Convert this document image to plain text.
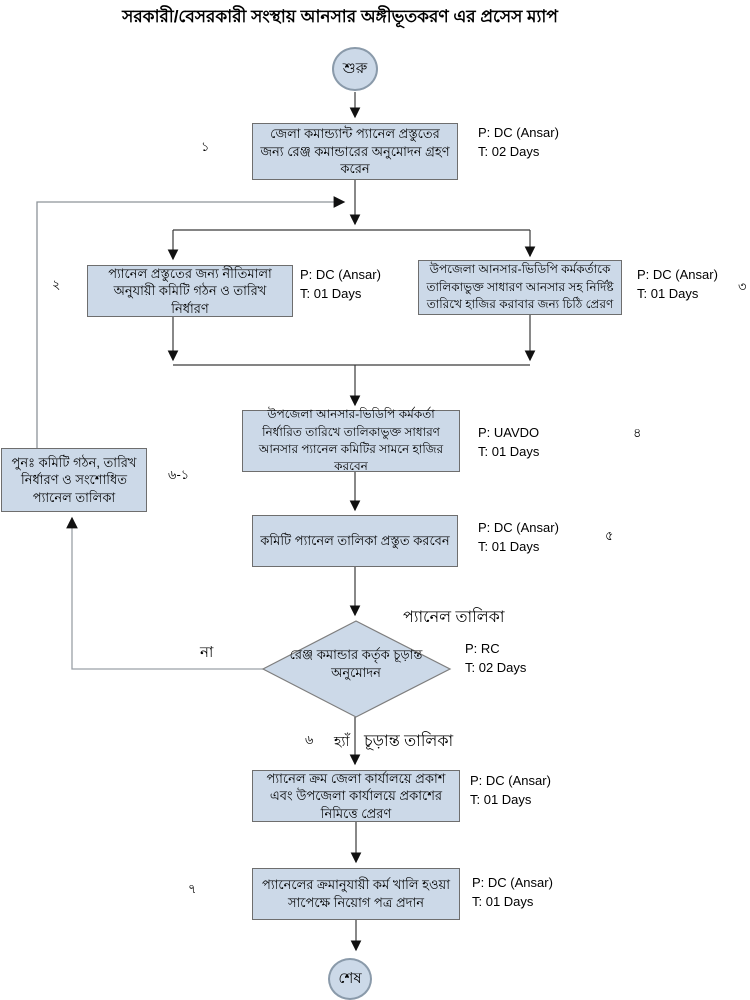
সরকারী/বেসরকারী সংস্থায় আনসার অঙ্গীভূতকরণ এর প্রসেস ম্যাপ
শুরু
জেলা কমান্ড্যান্ট প্যানেল প্রস্তুতের জন্য রেঞ্জ কমান্ডারের অনুমোদন গ্রহণ করেন
১
P: DC (Ansar)
T: 02 Days
প্যানেল প্রস্তুতের জন্য নীতিমালা অনুযায়ী কমিটি গঠন ও তারিখ নির্ধারণ
২
P: DC (Ansar)
T: 01 Days
উপজেলা আনসার-ভিডিপি কর্মকর্তাকে তালিকাভুক্ত সাধারণ আনসার সহ নির্দিষ্ট তারিখে হাজির করাবার জন্য চিঠি প্রেরণ
৩
P: DC (Ansar)
T: 01 Days
উপজেলা আনসার-ভিডিপি কর্মকর্তা নির্ধারিত তারিখে তালিকাভুক্ত সাধারণ আনসার প্যানেল কমিটির সামনে হাজির করবেন
৪
P: UAVDO
T: 01 Days
পুনঃ কমিটি গঠন, তারিখ নির্ধারণ ও সংশোধিত প্যানেল তালিকা
৬-১
কমিটি প্যানেল তালিকা প্রস্তুত করবেন	৫
P: DC (Ansar)
T: 01 Days
প্যানেল তালিকা
রেঞ্জ কমান্ডার কর্তৃক চূড়ান্ত অনুমোদন
P: RC
T: 02 Days
না
৬ হ্যাঁ চূড়ান্ত তালিকা
প্যানেল ক্রম জেলা কার্যালয়ে প্রকাশ এবং উপজেলা কার্যালয়ে প্রকাশের নিমিত্তে প্রেরণ
P: DC (Ansar)
T: 01 Days
প্যানেলের ক্রমানুযায়ী কর্ম খালি হওয়া সাপেক্ষে নিয়োগ পত্র প্রদান
৭	P: DC (Ansar)
T: 01 Days
শেষ
